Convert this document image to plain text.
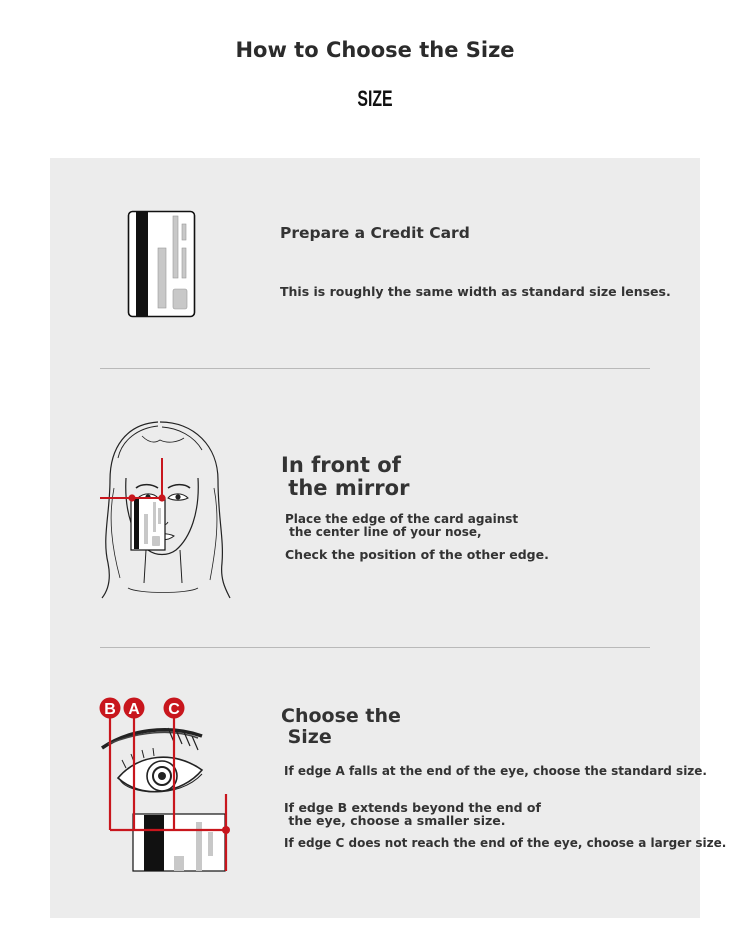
How to Choose the Size
SIZE
Prepare a Credit Card
This is roughly the same width as standard size lenses.
In front of
the mirror
Place the edge of the card against
the center line of your nose,
Check the position of the other edge.
B A C	Choose the
Size
If edge A falls at the end of the eye, choose the standard size.
If edge B extends beyond the end of
the eye, choose a smaller size.
If edge C does not reach the end of the eye, choose a larger size.
